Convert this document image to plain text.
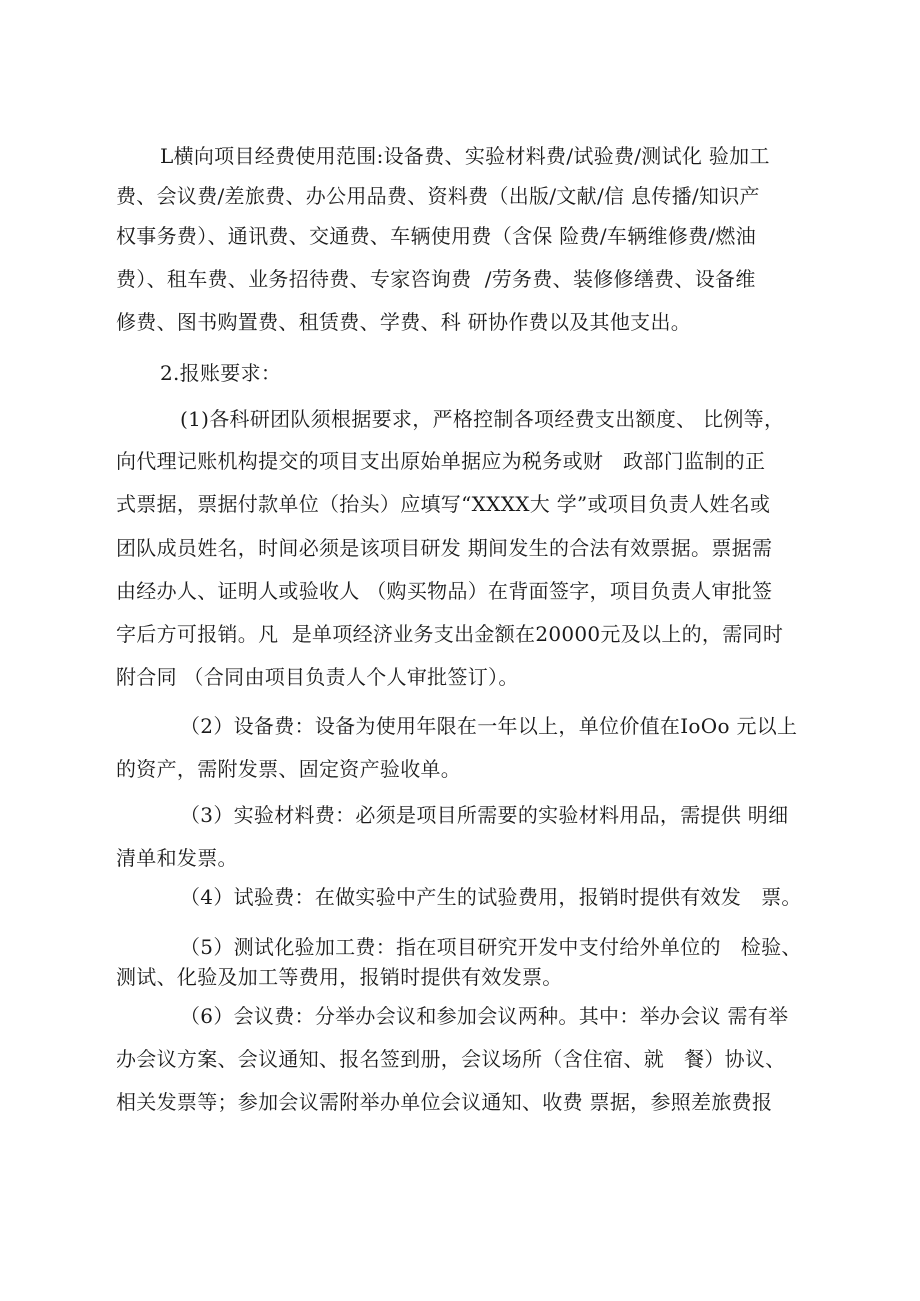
L横向项目经费使用范围:设备费、实验材料费/试验费/测试化 验加工
费、会议费/差旅费、办公用品费、资料费（出版/文献/信 息传播/知识产
权事务费）、通讯费、交通费、车辆使用费（含保 险费/车辆维修费/燃油
费）、租车费、业务招待费、专家咨询费  /劳务费、装修修缮费、设备维
修费、图书购置费、租赁费、学费、科 研协作费以及其他支出。
2.报账要求：
(1)各科研团队须根据要求，严格控制各项经费支出额度、 比例等，
向代理记账机构提交的项目支出原始单据应为税务或财   政部门监制的正
式票据，票据付款单位（抬头）应填写“XXXX大 学”或项目负责人姓名或
团队成员姓名，时间必须是该项目研发 期间发生的合法有效票据。票据需
由经办人、证明人或验收人 （购买物品）在背面签字，项目负责人审批签
字后方可报销。凡  是单项经济业务支出金额在20000元及以上的，需同时
附合同 （合同由项目负责人个人审批签订）。
（2）设备费：设备为使用年限在一年以上，单位价值在IoOo 元以上
的资产，需附发票、固定资产验收单。
（3）实验材料费：必须是项目所需要的实验材料用品，需提供 明细
清单和发票。
（4）试验费：在做实验中产生的试验费用，报销时提供有效发   票。
（5）测试化验加工费：指在项目研究开发中支付给外单位的   检验、
测试、化验及加工等费用，报销时提供有效发票。
（6）会议费：分举办会议和参加会议两种。其中：举办会议 需有举
办会议方案、会议通知、报名签到册，会议场所（含住宿、就   餐）协议、
相关发票等；参加会议需附举办单位会议通知、收费 票据，参照差旅费报
